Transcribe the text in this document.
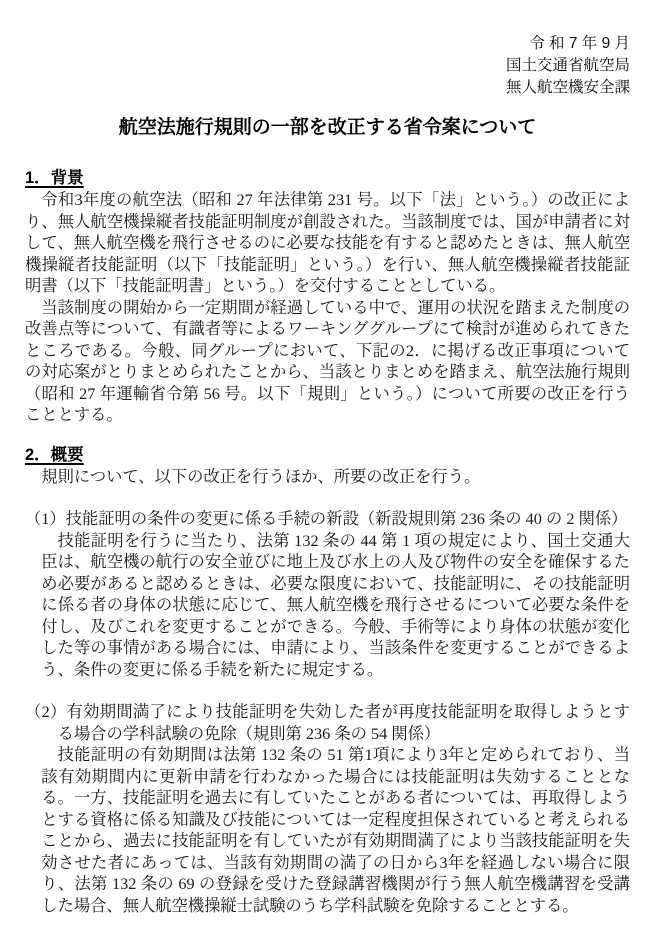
令 和 7 年 9 月
国土交通省航空局
無人航空機安全課
航空法施行規則の一部を改正する省令案について
1．背景

令和3年度の航空法（昭和 27 年法律第 231 号。以下「法」という。）の改正により、無人航空機操縦者技能証明制度が創設された。当該制度では、国が申請者に対して、無人航空機を飛行させるのに必要な技能を有すると認めたときは、無人航空機操縦者技能証明（以下「技能証明」という。）を行い、無人航空機操縦者技能証明書（以下「技能証明書」という。）を交付することとしている。

当該制度の開始から一定期間が経過している中で、運用の状況を踏まえた制度の改善点等について、有識者等によるワーキンググループにて検討が進められてきたところである。今般、同グループにおいて、下記の2．に掲げる改正事項についての対応案がとりまとめられたことから、当該とりまとめを踏まえ、航空法施行規則（昭和 27 年運輸省令第 56 号。以下「規則」という。）について所要の改正を行うこととする。

2．概要

規則について、以下の改正を行うほか、所要の改正を行う。

（1）技能証明の条件の変更に係る手続の新設（新設規則第 236 条の 40 の 2 関係）

技能証明を行うに当たり、法第 132 条の 44 第 1 項の規定により、国土交通大臣は、航空機の航行の安全並びに地上及び水上の人及び物件の安全を確保するため必要があると認めるときは、必要な限度において、技能証明に、その技能証明に係る者の身体の状態に応じて、無人航空機を飛行させるについて必要な条件を付し、及びこれを変更することができる。今般、手術等により身体の状態が変化した等の事情がある場合には、申請により、当該条件を変更することができるよう、条件の変更に係る手続を新たに規定する。

（2）有効期間満了により技能証明を失効した者が再度技能証明を取得しようとする場合の学科試験の免除（規則第 236 条の 54 関係）

技能証明の有効期間は法第 132 条の 51 第1項により3年と定められており、当該有効期間内に更新申請を行わなかった場合には技能証明は失効することとなる。一方、技能証明を過去に有していたことがある者については、再取得しようとする資格に係る知識及び技能については一定程度担保されていると考えられることから、過去に技能証明を有していたが有効期間満了により当該技能証明を失効させた者にあっては、当該有効期間の満了の日から3年を経過しない場合に限り、法第 132 条の 69 の登録を受けた登録講習機関が行う無人航空機講習を受講した場合、無人航空機操縦士試験のうち学科試験を免除することとする。
